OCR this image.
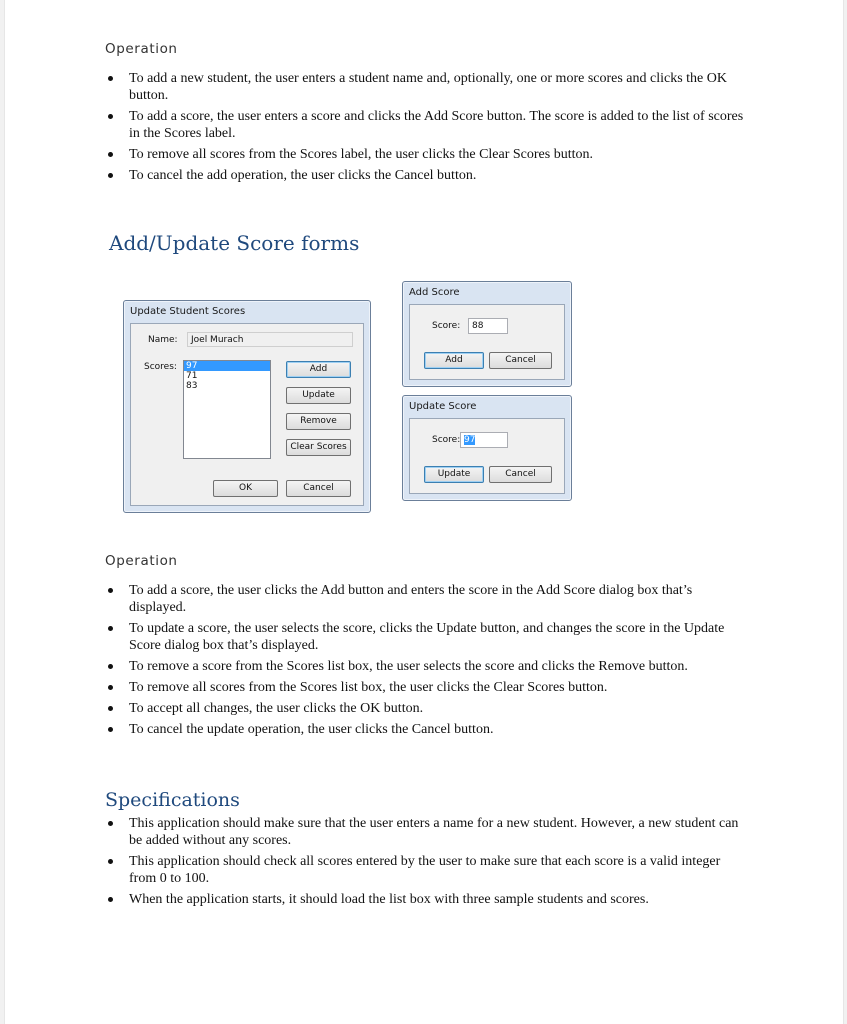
Operation
To add a new student, the user enters a student name and, optionally, one or more scores and clicks the OK button.
To add a score, the user enters a score and clicks the Add Score button. The score is added to the list of scores in the Scores label.
To remove all scores from the Scores label, the user clicks the Clear Scores button.
To cancel the add operation, the user clicks the Cancel button.
Add/Update Score forms
Update Student Scores
Name:	Joel Murach
Scores: 97
71
83
Add
Update
Remove
Clear Scores
OK	Cancel
Add Score
Score:	88
Add	Cancel
Update Score
Score: 97
Update	Cancel
Operation
To add a score, the user clicks the Add button and enters the score in the Add Score dialog box that’s displayed.
To update a score, the user selects the score, clicks the Update button, and changes the score in the Update Score dialog box that’s displayed.
To remove a score from the Scores list box, the user selects the score and clicks the Remove button.
To remove all scores from the Scores list box, the user clicks the Clear Scores button.
To accept all changes, the user clicks the OK button.
To cancel the update operation, the user clicks the Cancel button.
Specifications
This application should make sure that the user enters a name for a new student. However, a new student can be added without any scores.
This application should check all scores entered by the user to make sure that each score is a valid integer from 0 to 100.
When the application starts, it should load the list box with three sample students and scores.
